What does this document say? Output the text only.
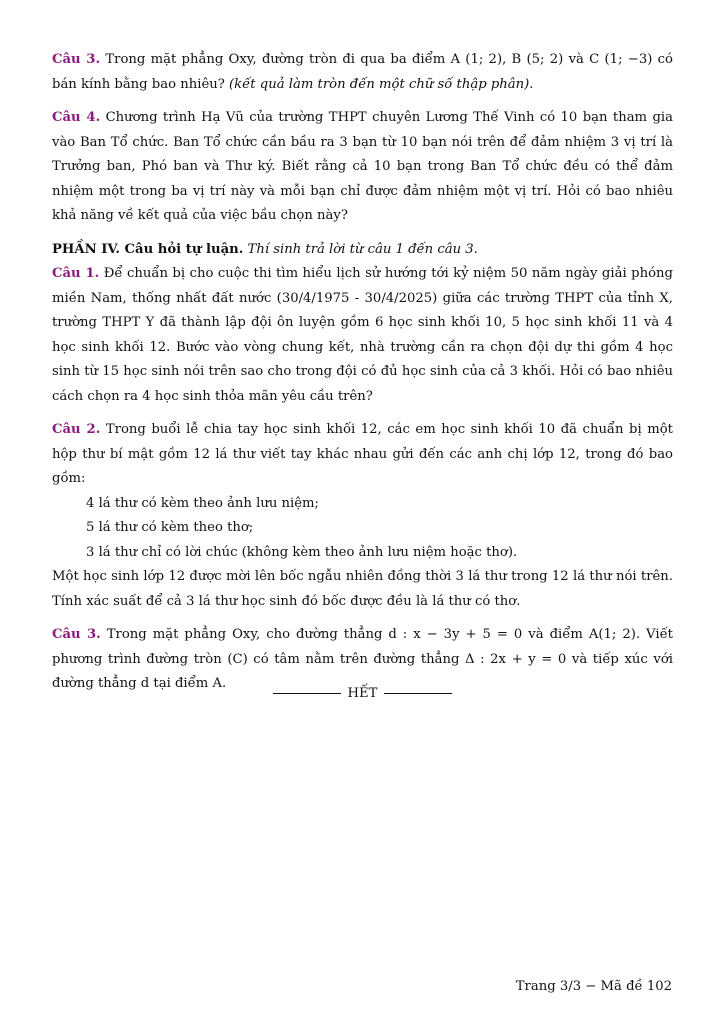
Câu 3. Trong mặt phẳng Oxy, đường tròn đi qua ba điểm A (1; 2), B (5; 2) và C (1; −3) có bán kính bằng bao nhiêu? (kết quả làm tròn đến một chữ số thập phân).

Câu 4. Chương trình Hạ Vũ của trường THPT chuyên Lương Thế Vinh có 10 bạn tham gia vào Ban Tổ chức. Ban Tổ chức cần bầu ra 3 bạn từ 10 bạn nói trên để đảm nhiệm 3 vị trí là Trưởng ban, Phó ban và Thư ký. Biết rằng cả 10 bạn trong Ban Tổ chức đều có thể đảm nhiệm một trong ba vị trí này và mỗi bạn chỉ được đảm nhiệm một vị trí. Hỏi có bao nhiêu khả năng về kết quả của việc bầu chọn này?

PHẦN IV. Câu hỏi tự luận. Thí sinh trả lời từ câu 1 đến câu 3.

Câu 1. Để chuẩn bị cho cuộc thi tìm hiểu lịch sử hướng tới kỷ niệm 50 năm ngày giải phóng miền Nam, thống nhất đất nước (30/4/1975 - 30/4/2025) giữa các trường THPT của tỉnh X, trường THPT Y đã thành lập đội ôn luyện gồm 6 học sinh khối 10, 5 học sinh khối 11 và 4 học sinh khối 12. Bước vào vòng chung kết, nhà trường cần ra chọn đội dự thi gồm 4 học sinh từ 15 học sinh nói trên sao cho trong đội có đủ học sinh của cả 3 khối. Hỏi có bao nhiêu cách chọn ra 4 học sinh thỏa mãn yêu cầu trên?

Câu 2. Trong buổi lễ chia tay học sinh khối 12, các em học sinh khối 10 đã chuẩn bị một hộp thư bí mật gồm 12 lá thư viết tay khác nhau gửi đến các anh chị lớp 12, trong đó bao gồm:

4 lá thư có kèm theo ảnh lưu niệm;

5 lá thư có kèm theo thơ;

3 lá thư chỉ có lời chúc (không kèm theo ảnh lưu niệm hoặc thơ).

Một học sinh lớp 12 được mời lên bốc ngẫu nhiên đồng thời 3 lá thư trong 12 lá thư nói trên. Tính xác suất để cả 3 lá thư học sinh đó bốc được đều là lá thư có thơ.

Câu 3. Trong mặt phẳng Oxy, cho đường thẳng d : x − 3y + 5 = 0 và điểm A(1; 2). Viết phương trình đường tròn (C) có tâm nằm trên đường thẳng Δ : 2x + y = 0 và tiếp xúc với đường thẳng d tại điểm A.

HẾT
Trang 3/3 − Mã đề 102
